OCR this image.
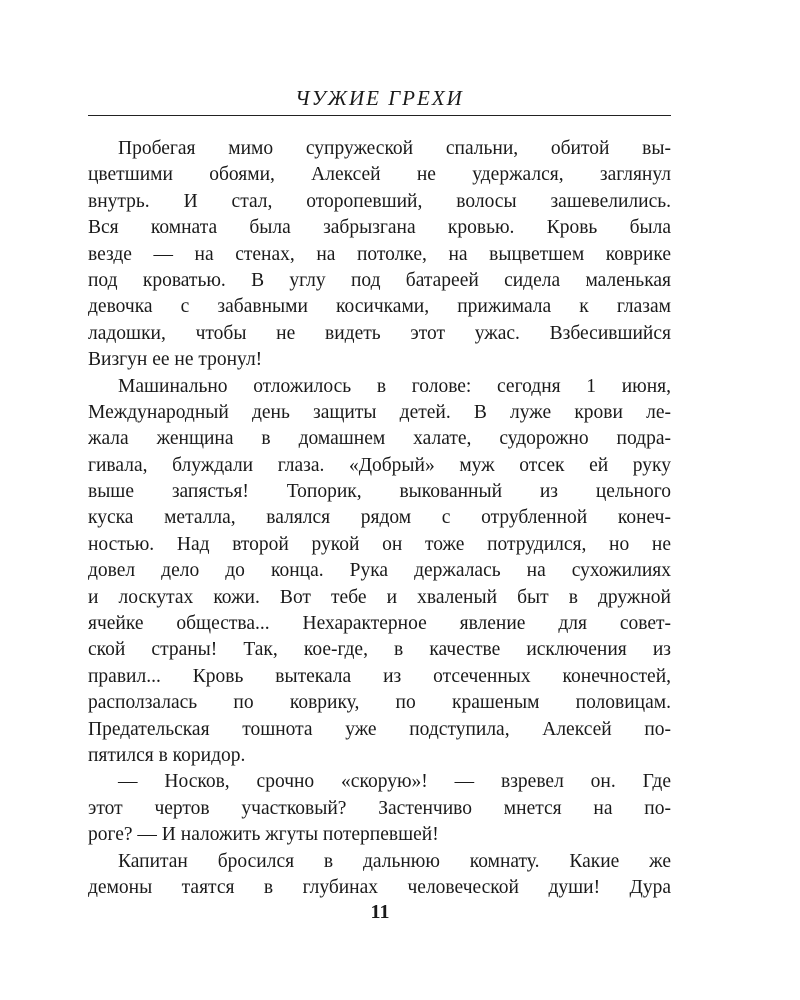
ЧУЖИЕ ГРЕХИ
Пробегая мимо супружеской спальни, обитой вы-
цветшими обоями, Алексей не удержался, заглянул
внутрь. И стал, оторопевший, волосы зашевелились.
Вся комната была забрызгана кровью. Кровь была
везде — на стенах, на потолке, на выцветшем коврике
под кроватью. В углу под батареей сидела маленькая
девочка с забавными косичками, прижимала к глазам
ладошки, чтобы не видеть этот ужас. Взбесившийся
Визгун ее не тронул!
Машинально отложилось в голове: сегодня 1 июня,
Международный день защиты детей. В луже крови ле-
жала женщина в домашнем халате, судорожно подра-
гивала, блуждали глаза. «Добрый» муж отсек ей руку
выше запястья! Топорик, выкованный из цельного
куска металла, валялся рядом с отрубленной конеч-
ностью. Над второй рукой он тоже потрудился, но не
довел дело до конца. Рука держалась на сухожилиях
и лоскутах кожи. Вот тебе и хваленый быт в дружной
ячейке общества... Нехарактерное явление для совет-
ской страны! Так, кое-где, в качестве исключения из
правил... Кровь вытекала из отсеченных конечностей,
расползалась по коврику, по крашеным половицам.
Предательская тошнота уже подступила, Алексей по-
пятился в коридор.
— Носков, срочно «скорую»! — взревел он. Где
этот чертов участковый? Застенчиво мнется на по-
роге? — И наложить жгуты потерпевшей!
Капитан бросился в дальнюю комнату. Какие же
демоны таятся в глубинах человеческой души! Дура
11
